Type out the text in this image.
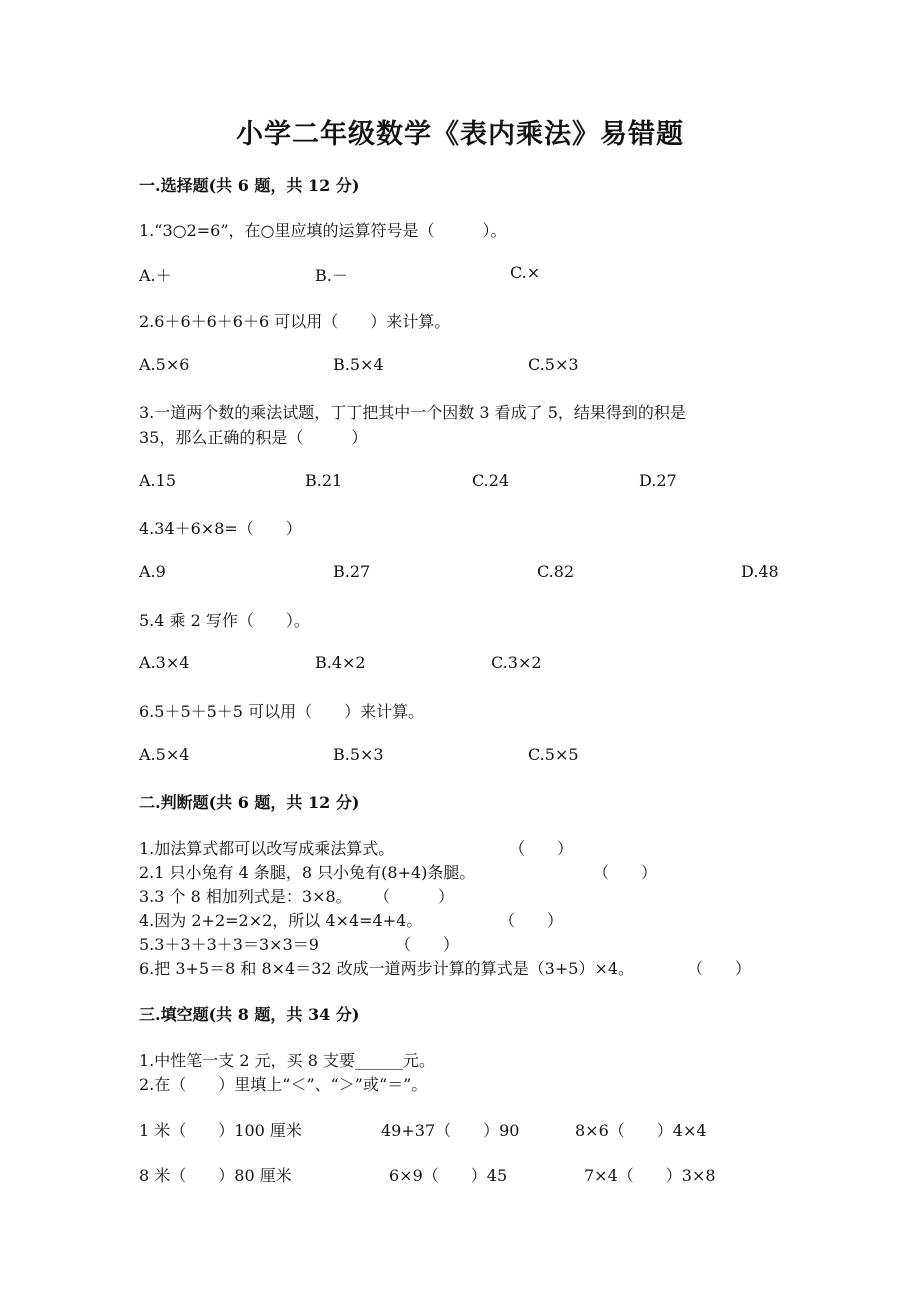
小学二年级数学《表内乘法》易错题
一.选择题(共 6 题，共 12 分)
1.“3○2=6”，在○里应填的运算符号是（　　　）。
A.＋	B.－	C.×
2.6＋6＋6＋6＋6 可以用（　　）来计算。
A.5×6	B.5×4	C.5×3
3.一道两个数的乘法试题，丁丁把其中一个因数 3 看成了 5，结果得到的积是
35，那么正确的积是（　　　）
A.15	B.21	C.24	D.27
4.34＋6×8=（　　）
A.9	B.27	C.82	D.48
5.4 乘 2 写作（　　）。
A.3×4	B.4×2	C.3×2
6.5＋5＋5＋5 可以用（　　）来计算。
A.5×4	B.5×3	C.5×5
二.判断题(共 6 题，共 12 分)
1.加法算式都可以改写成乘法算式。	（　　）
2.1 只小兔有 4 条腿，8 只小兔有(8+4)条腿。	（　　）
3.3 个 8 相加列式是：3×8。 （　　　）
4.因为 2+2=2×2，所以 4×4=4+4。	（　　）
5.3＋3＋3＋3＝3×3＝9	（　　）
6.把 3+5＝8 和 8×4＝32 改成一道两步计算的算式是（3+5）×4。	（　　）
三.填空题(共 8 题，共 34 分)
1.中性笔一支 2 元，买 8 支要______元。
2.在（　　）里填上“＜”、“＞”或“＝”。
1 米（　　）100 厘米	49+37（　　）90	8×6（　　）4×4
8 米（　　）80 厘米	6×9（　　）45	7×4（　　）3×8
